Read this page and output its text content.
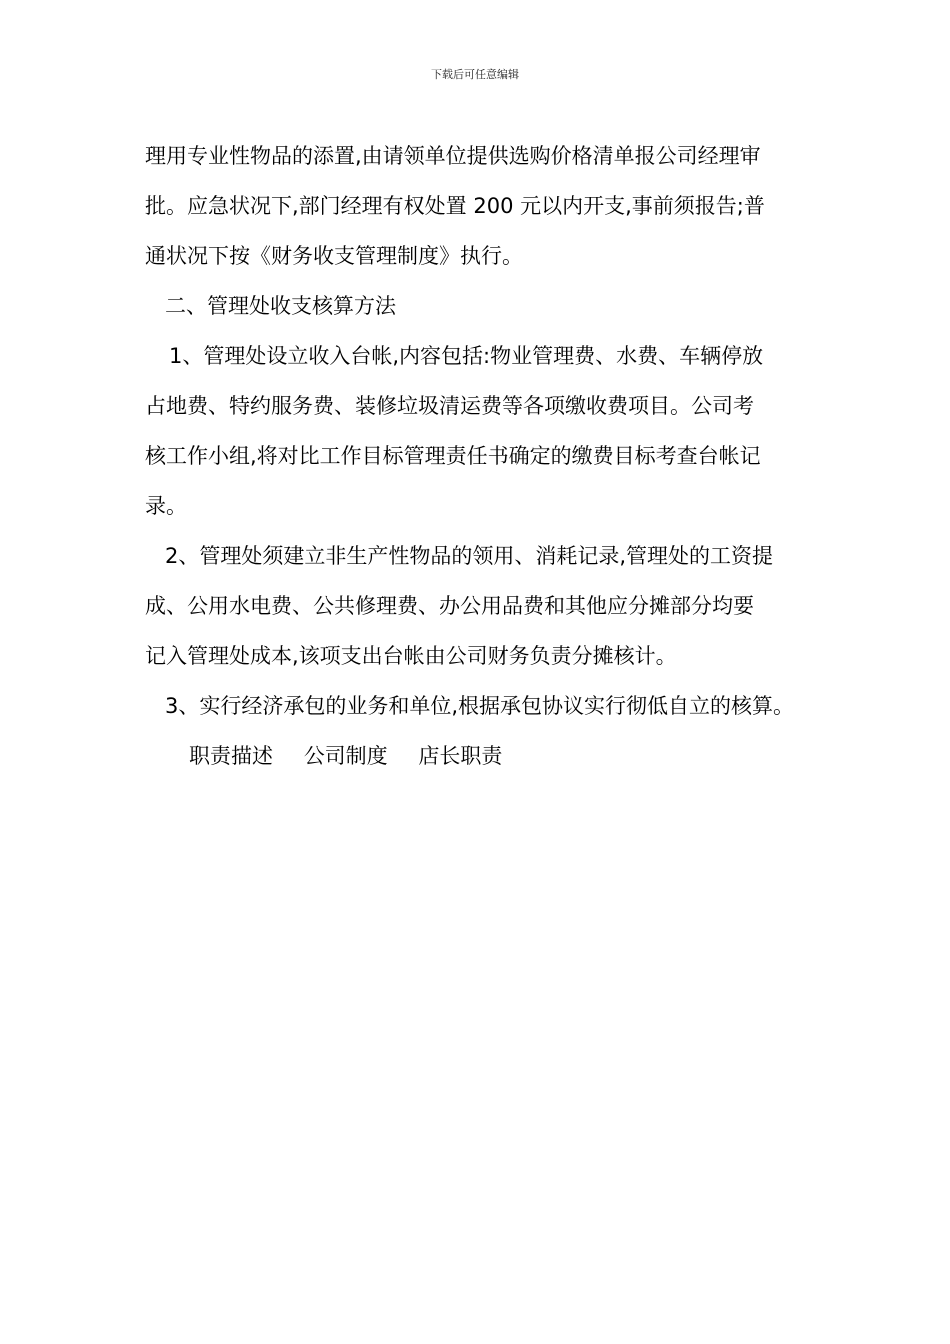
下载后可任意编辑

理用专业性物品的添置,由请领单位提供选购价格清单报公司经理审
批。应急状况下,部门经理有权处置 200 元以内开支,事前须报告;普
通状况下按《财务收支管理制度》执行。

二、管理处收支核算方法

1、管理处设立收入台帐,内容包括:物业管理费、水费、车辆停放
占地费、特约服务费、装修垃圾清运费等各项缴收费项目。公司考
核工作小组,将对比工作目标管理责任书确定的缴费目标考查台帐记
录。

2、管理处须建立非生产性物品的领用、消耗记录,管理处的工资提
成、公用水电费、公共修理费、办公用品费和其他应分摊部分均要
记入管理处成本,该项支出台帐由公司财务负责分摊核计。

3、实行经济承包的业务和单位,根据承包协议实行彻低自立的核算。

职责描述 公司制度 店长职责
